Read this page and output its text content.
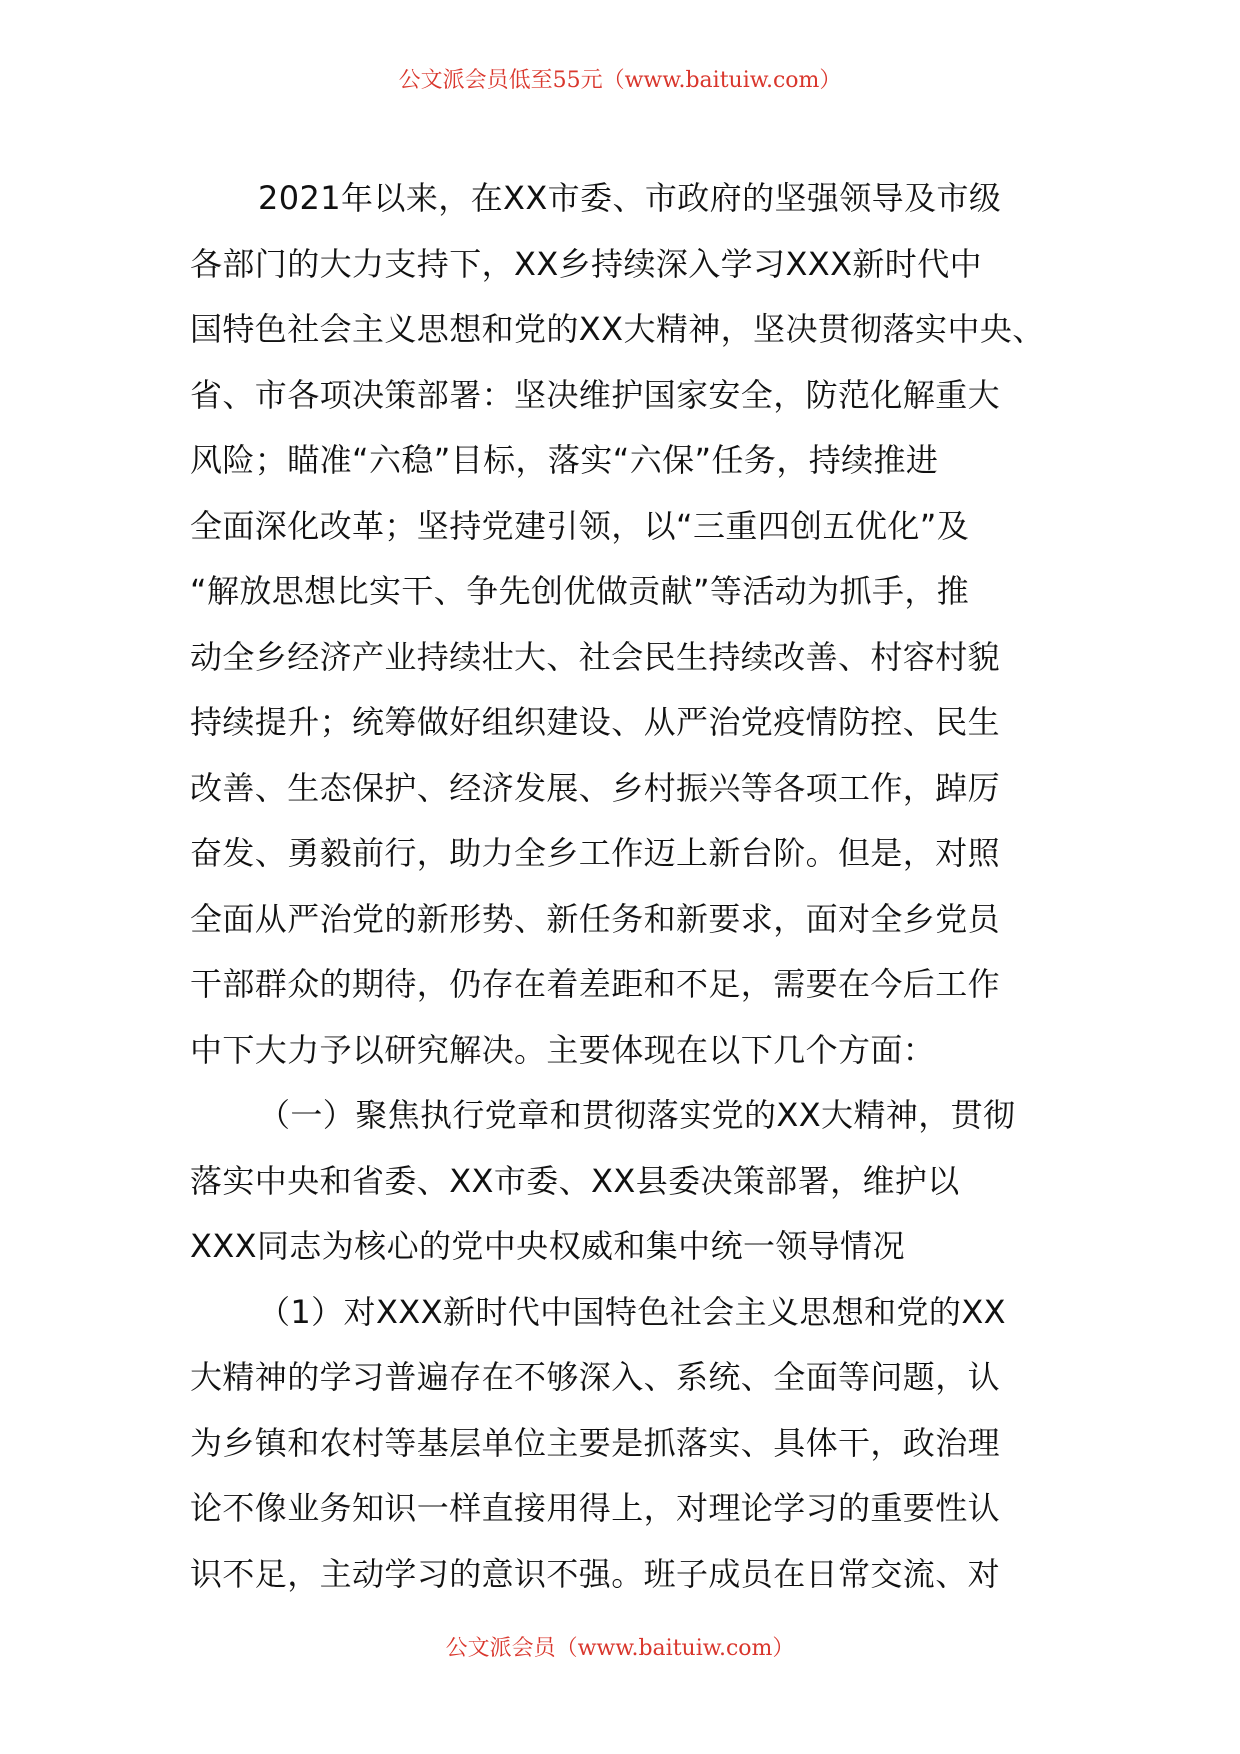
公文派会员低至55元（www.baituiw.com）

2021年以来，在XX市委、市政府的坚强领导及市级

各部门的大力支持下，XX乡持续深入学习XXX新时代中

国特色社会主义思想和党的XX大精神，坚决贯彻落实中央、

省、市各项决策部署：坚决维护国家安全，防范化解重大

风险；瞄准“六稳”目标，落实“六保”任务，持续推进

全面深化改革；坚持党建引领，以“三重四创五优化”及

“解放思想比实干、争先创优做贡献”等活动为抓手，推

动全乡经济产业持续壮大、社会民生持续改善、村容村貌

持续提升；统筹做好组织建设、从严治党疫情防控、民生

改善、生态保护、经济发展、乡村振兴等各项工作，踔厉

奋发、勇毅前行，助力全乡工作迈上新台阶。但是，对照

全面从严治党的新形势、新任务和新要求，面对全乡党员

干部群众的期待，仍存在着差距和不足，需要在今后工作

中下大力予以研究解决。主要体现在以下几个方面：

（一）聚焦执行党章和贯彻落实党的XX大精神，贯彻

落实中央和省委、XX市委、XX县委决策部署，维护以

XXX同志为核心的党中央权威和集中统一领导情况

（1）对XXX新时代中国特色社会主义思想和党的XX

大精神的学习普遍存在不够深入、系统、全面等问题，认

为乡镇和农村等基层单位主要是抓落实、具体干，政治理

论不像业务知识一样直接用得上，对理论学习的重要性认

识不足，主动学习的意识不强。班子成员在日常交流、对

公文派会员（www.baituiw.com）
